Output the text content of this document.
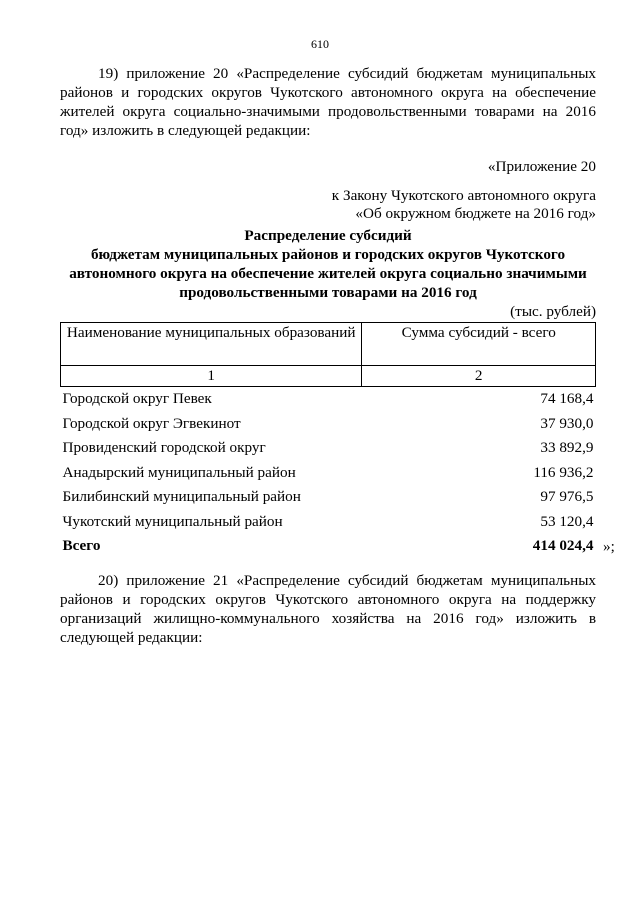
610
19) приложение 20 «Распределение субсидий бюджетам муниципальных
районов и городских округов Чукотского автономного округа на обеспечение
жителей округа социально-значимыми продовольственными товарами на 2016
год» изложить в следующей редакции:
«Приложение 20
к Закону Чукотского автономного округа
«Об окружном бюджете на 2016 год»
Распределение субсидий
бюджетам муниципальных районов и городских округов Чукотского
автономного округа на обеспечение жителей округа социально значимыми
продовольственными товарами на 2016 год
(тыс. рублей)
Наименование муниципальных образований	Сумма субсидий - всего
1	2
Городской округ Певек	74 168,4
Городской округ Эгвекинот	37 930,0
Провиденский городской округ	33 892,9
Анадырский муниципальный район	116 936,2
Билибинский муниципальный район	97 976,5
Чукотский муниципальный район	53 120,4
Всего	414 024,4 »;
20) приложение 21 «Распределение субсидий бюджетам муниципальных
районов и городских округов Чукотского автономного округа на поддержку
организаций жилищно-коммунального хозяйства на 2016 год» изложить в
следующей редакции:
